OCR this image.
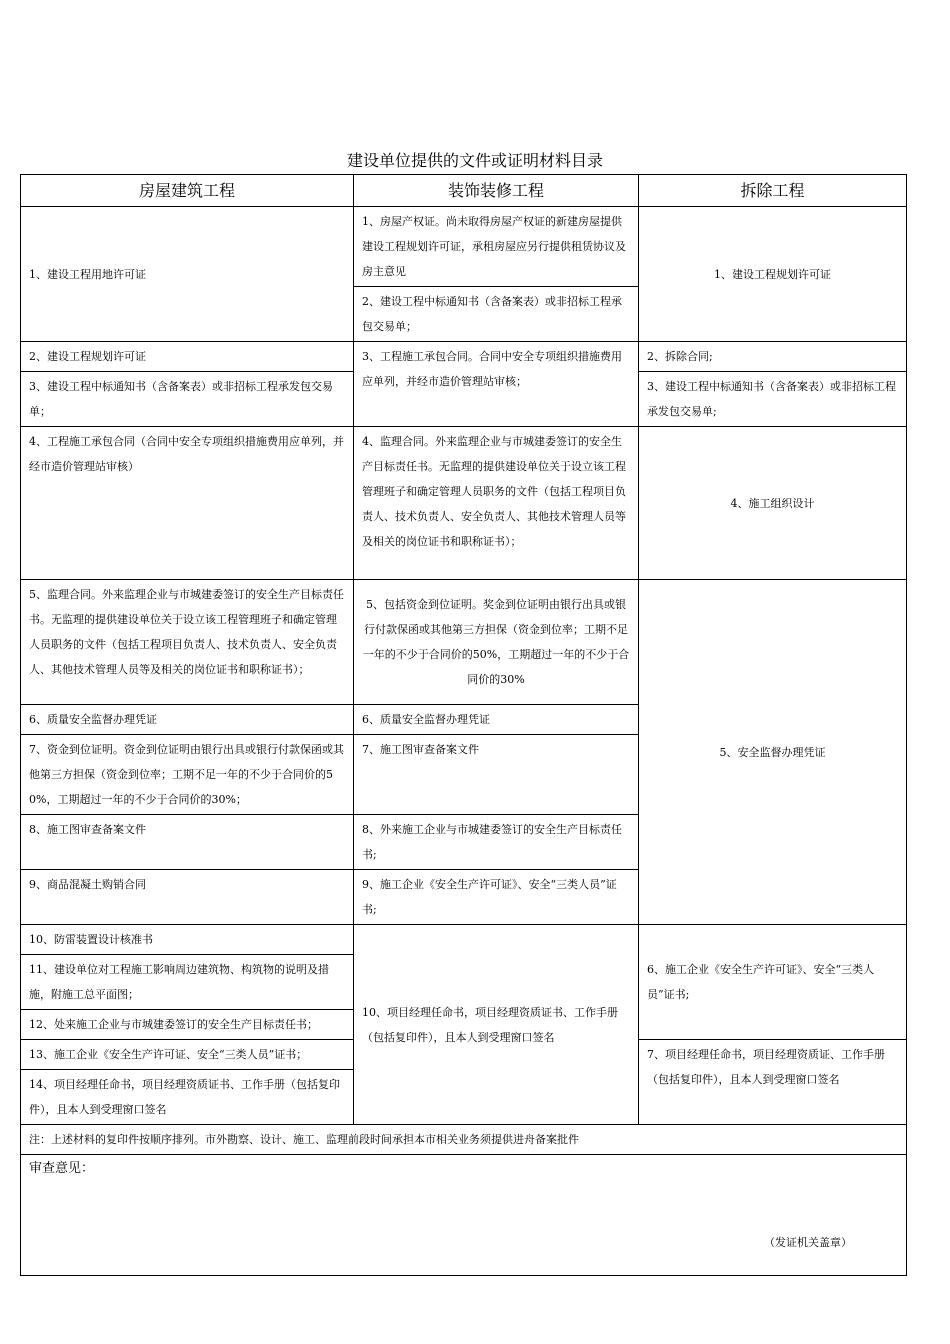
建设单位提供的文件或证明材料目录
房屋建筑工程	装饰装修工程	拆除工程
1、建设工程用地许可证	1、房屋产权证。尚未取得房屋产权证的新建房屋提供建设工程规划许可证，承租房屋应另行提供租赁协议及房主意见	1、建设工程规划许可证
	2、建设工程中标通知书（含备案表）或非招标工程承包交易单；	
2、建设工程规划许可证	3、工程施工承包合同。合同中安全专项组织措施费用应单列，并经市造价管理站审核；	2、拆除合同;
3、建设工程中标通知书（含备案表）或非招标工程承发包交易单；		3、建设工程中标通知书（含备案表）或非招标工程承发包交易单;
4、工程施工承包合同（合同中安全专项组织措施费用应单列，并经市造价管理站审核）	4、监理合同。外来监理企业与市城建委签订的安全生产目标责任书。无监理的提供建设单位关于设立该工程管理班子和确定管理人员职务的文件（包括工程项目负责人、技术负责人、安全负责人、其他技术管理人员等及相关的岗位证书和职称证书）；	4、施工组织设计
5、监理合同。外来监理企业与市城建委签订的安全生产目标责任书。无监理的提供建设单位关于设立该工程管理班子和确定管理人员职务的文件（包括工程项目负责人、技术负责人、安全负责人、其他技术管理人员等及相关的岗位证书和职称证书）；	5、包括资金到位证明。奖金到位证明由银行出具或银行付款保函或其他第三方担保（资金到位率；工期不足一年的不少于合同价的50%，工期超过一年的不少于合同价的30%	5、安全监督办理凭证
6、质量安全监督办理凭证	6、质量安全监督办理凭证	
7、资金到位证明。资金到位证明由银行出具或银行付款保函或其他第三方担保（资金到位率；工期不足一年的不少于合同价的50%，工期超过一年的不少于合同价的30%；	7、施工图审查备案文件	
8、施工图审查备案文件	8、外来施工企业与市城建委签订的安全生产目标责任书;	
9、商品混凝土购销合同	9、施工企业《安全生产许可证》、安全“三类人员”证书;	
10、防雷装置设计核准书	10、项目经理任命书，项目经理资质证书、工作手册（包括复印件），且本人到受理窗口签名	6、施工企业《安全生产许可证》、安全“三类人员”证书;
11、建设单位对工程施工影响周边建筑物、构筑物的说明及措施，附施工总平面图；		
12、处来施工企业与市城建委签订的安全生产目标责任书；		
13、施工企业《安全生产许可证、安全“三类人员”证书；		7、项目经理任命书，项目经理资质证、工作手册（包括复印件），且本人到受理窗口签名
14、项目经理任命书，项目经理资质证书、工作手册（包括复印件），且本人到受理窗口签名		
注：上述材料的复印件按顺序排列。市外勘察、设计、施工、监理前段时间承担本市相关业务须提供进舟备案批件		

审查意见：
（发证机关盖章）		
